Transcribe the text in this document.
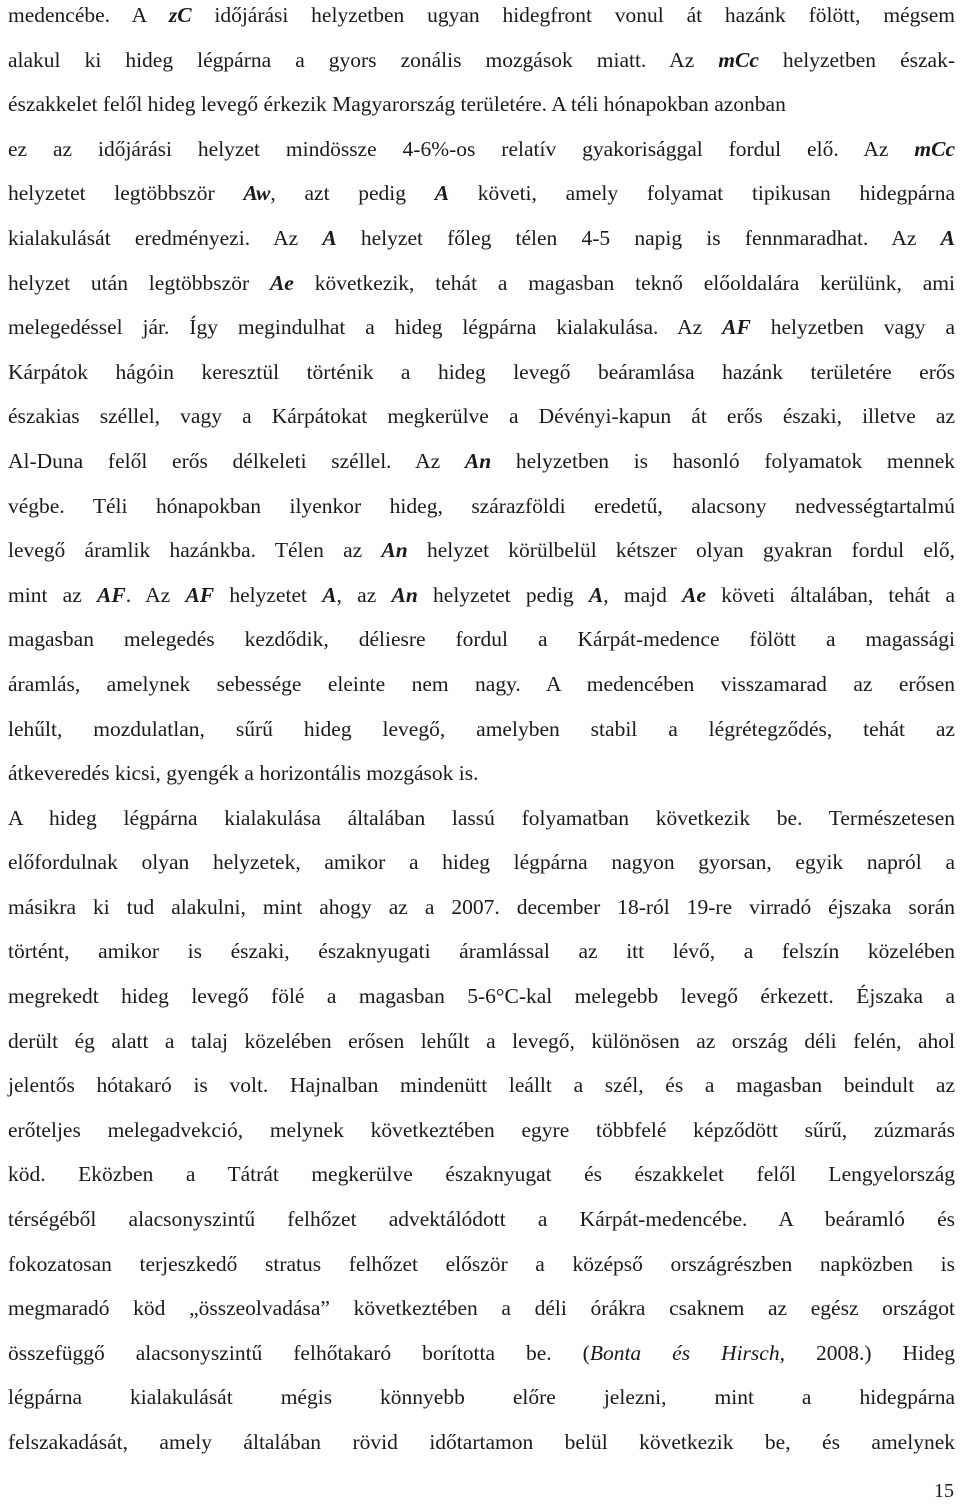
medencébe. A zC időjárási helyzetben ugyan hidegfront vonul át hazánk fölött, mégsem
alakul ki hideg légpárna a gyors zonális mozgások miatt. Az mCc helyzetben észak-
északkelet felől hideg levegő érkezik Magyarország területére. A téli hónapokban azonban
ez az időjárási helyzet mindössze 4-6%-os relatív gyakorisággal fordul elő. Az mCc
helyzetet legtöbbször Aw, azt pedig A követi, amely folyamat tipikusan hidegpárna
kialakulását eredményezi. Az A helyzet főleg télen 4-5 napig is fennmaradhat. Az A
helyzet után legtöbbször Ae következik, tehát a magasban teknő előoldalára kerülünk, ami
melegedéssel jár. Így megindulhat a hideg légpárna kialakulása. Az AF helyzetben vagy a
Kárpátok hágóin keresztül történik a hideg levegő beáramlása hazánk területére erős
északias széllel, vagy a Kárpátokat megkerülve a Dévényi-kapun át erős északi, illetve az
Al-Duna felől erős délkeleti széllel. Az An helyzetben is hasonló folyamatok mennek
végbe. Téli hónapokban ilyenkor hideg, szárazföldi eredetű, alacsony nedvességtartalmú
levegő áramlik hazánkba. Télen az An helyzet körülbelül kétszer olyan gyakran fordul elő,
mint az AF. Az AF helyzetet A, az An helyzetet pedig A, majd Ae követi általában, tehát a
magasban melegedés kezdődik, déliesre fordul a Kárpát-medence fölött a magassági
áramlás, amelynek sebessége eleinte nem nagy. A medencében visszamarad az erősen
lehűlt, mozdulatlan, sűrű hideg levegő, amelyben stabil a légrétegződés, tehát az
átkeveredés kicsi, gyengék a horizontális mozgások is.
A hideg légpárna kialakulása általában lassú folyamatban következik be. Természetesen
előfordulnak olyan helyzetek, amikor a hideg légpárna nagyon gyorsan, egyik napról a
másikra ki tud alakulni, mint ahogy az a 2007. december 18-ról 19-re virradó éjszaka során
történt, amikor is északi, északnyugati áramlással az itt lévő, a felszín közelében
megrekedt hideg levegő fölé a magasban 5-6°C-kal melegebb levegő érkezett. Éjszaka a
derült ég alatt a talaj közelében erősen lehűlt a levegő, különösen az ország déli felén, ahol
jelentős hótakaró is volt. Hajnalban mindenütt leállt a szél, és a magasban beindult az
erőteljes melegadvekció, melynek következtében egyre többfelé képződött sűrű, zúzmarás
köd. Eközben a Tátrát megkerülve északnyugat és északkelet felől Lengyelország
térségéből alacsonyszintű felhőzet advektálódott a Kárpát-medencébe. A beáramló és
fokozatosan terjeszkedő stratus felhőzet először a középső országrészben napközben is
megmaradó köd „összeolvadása” következtében a déli órákra csaknem az egész országot
összefüggő alacsonyszintű felhőtakaró borította be. (Bonta és Hirsch, 2008.) Hideg
légpárna kialakulását mégis könnyebb előre jelezni, mint a hidegpárna
felszakadását, amely általában rövid időtartamon belül következik be, és amelynek
15
